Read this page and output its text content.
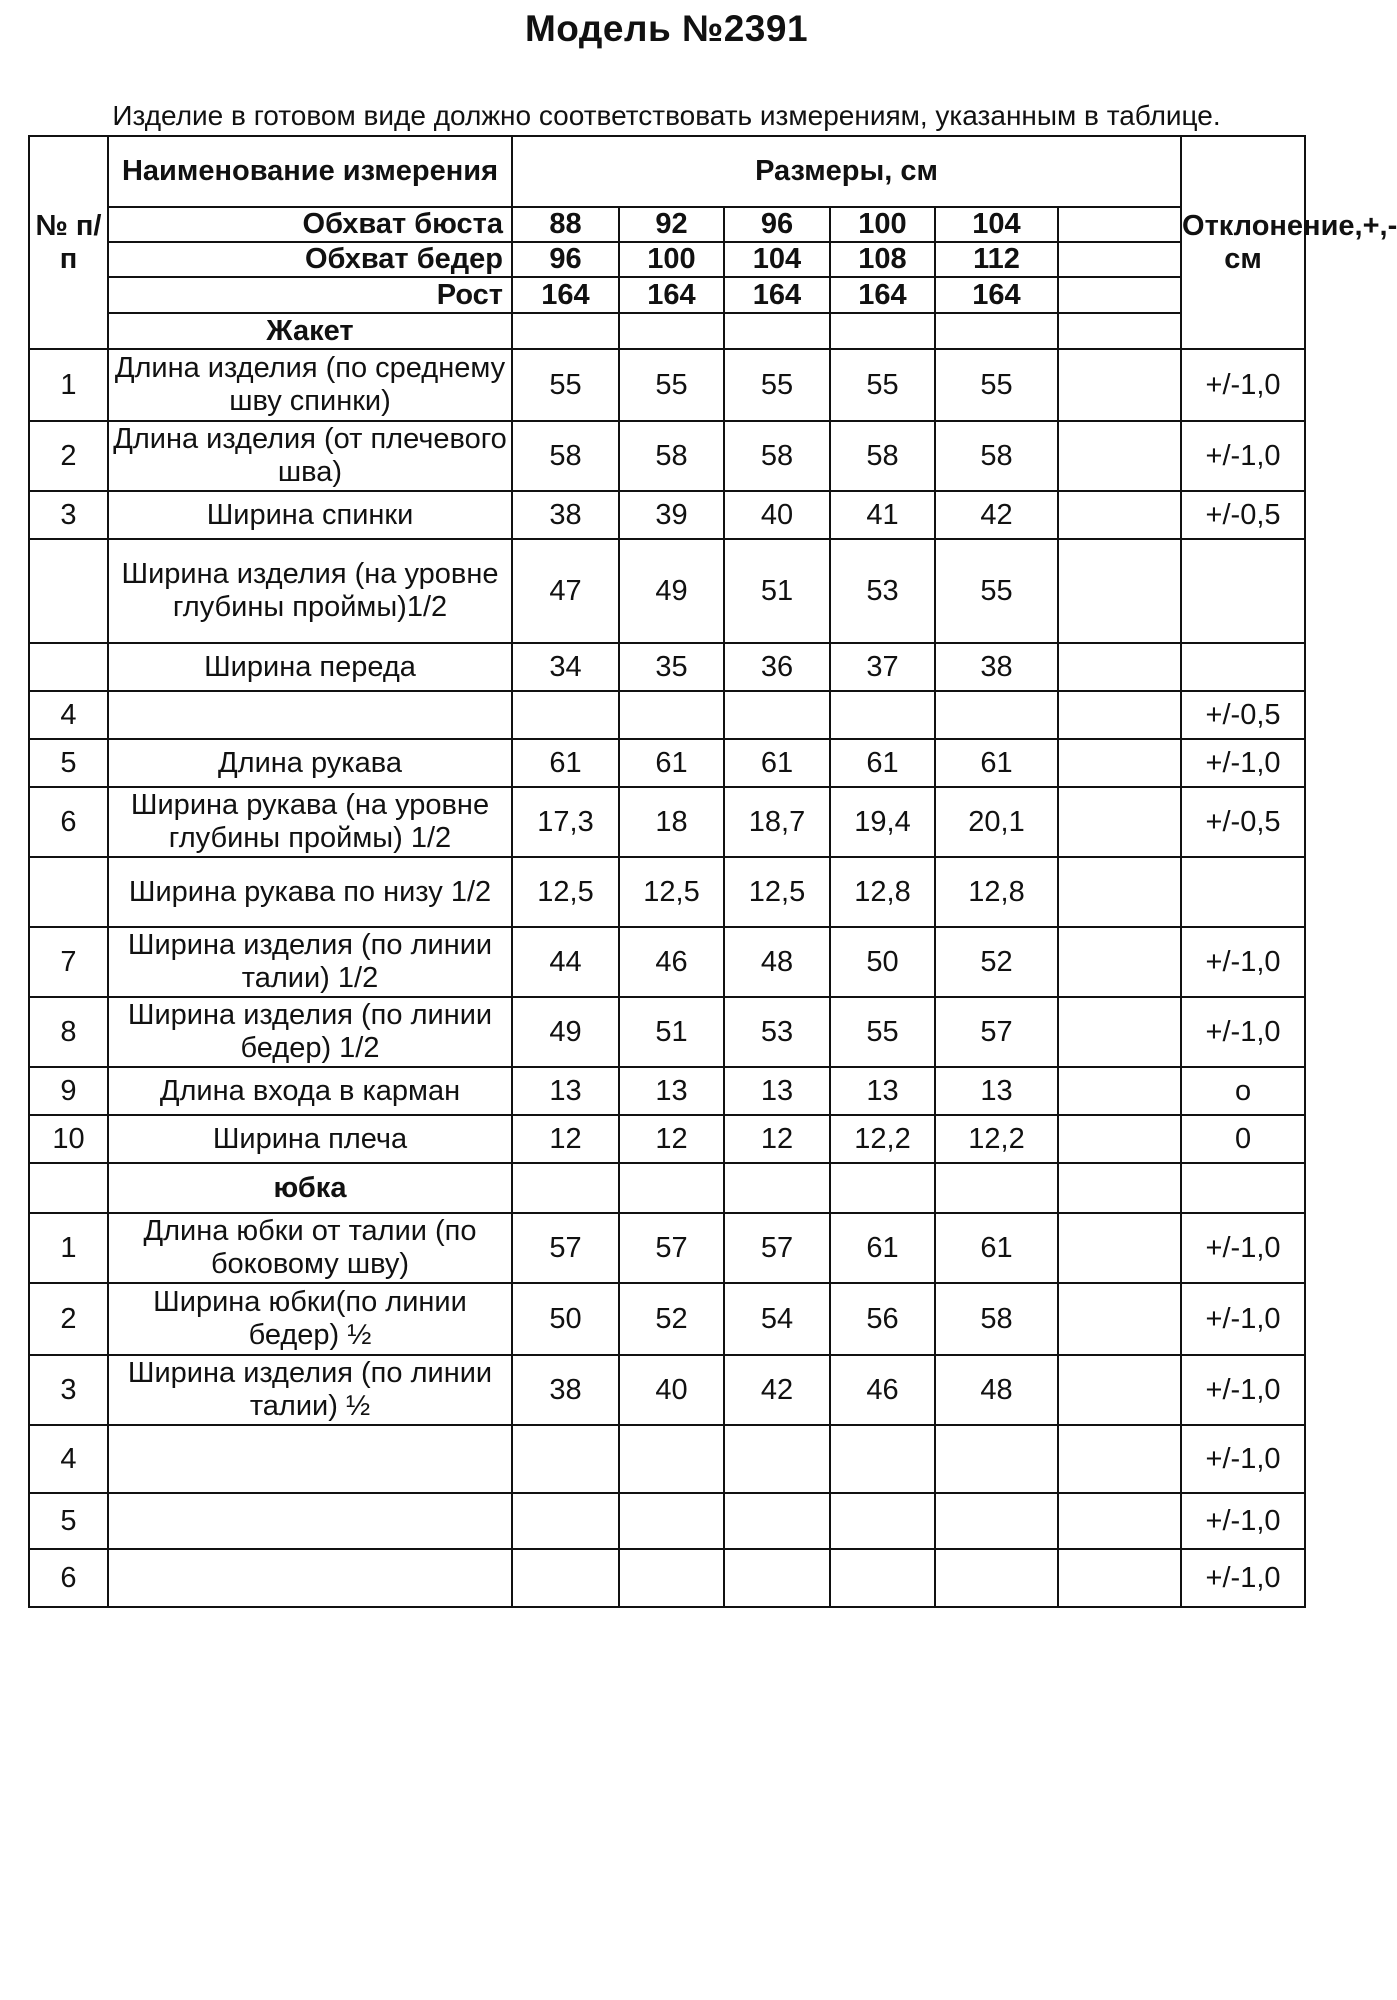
Модель №2391
Изделие в готовом виде должно соответствовать измерениям, указанным в таблице.
№ п/п	Наименование измерения	Размеры, см						Отклонение,+,-см
	Обхват бюста	88	92	96	100	104		
	Обхват бедер	96	100	104	108	112		
	Рост	164	164	164	164	164		
	Жакет							
1	Длина изделия (по среднему шву спинки)	55	55	55	55	55		+/-1,0
2	Длина изделия (от плечевого шва)	58	58	58	58	58		+/-1,0
3	Ширина спинки	38	39	40	41	42		+/-0,5
	Ширина изделия (на уровне глубины проймы)1/2	47	49	51	53	55		
	Ширина переда	34	35	36	37	38		
4								+/-0,5
5	Длина рукава	61	61	61	61	61		+/-1,0
6	Ширина рукава (на уровне глубины проймы) 1/2	17,3	18	18,7	19,4	20,1		+/-0,5
	Ширина рукава по низу 1/2	12,5	12,5	12,5	12,8	12,8		
7	Ширина изделия (по линии талии) 1/2	44	46	48	50	52		+/-1,0
8	Ширина изделия (по линии бедер) 1/2	49	51	53	55	57		+/-1,0
9	Длина входа в карман	13	13	13	13	13		о
10	Ширина плеча	12	12	12	12,2	12,2		0
	юбка							
1	Длина юбки от талии (по боковому шву)	57	57	57	61	61		+/-1,0
2	Ширина юбки(по линии бедер) ½	50	52	54	56	58		+/-1,0
3	Ширина изделия (по линии талии) ½	38	40	42	46	48		+/-1,0
4								+/-1,0
5								+/-1,0
6								+/-1,0
